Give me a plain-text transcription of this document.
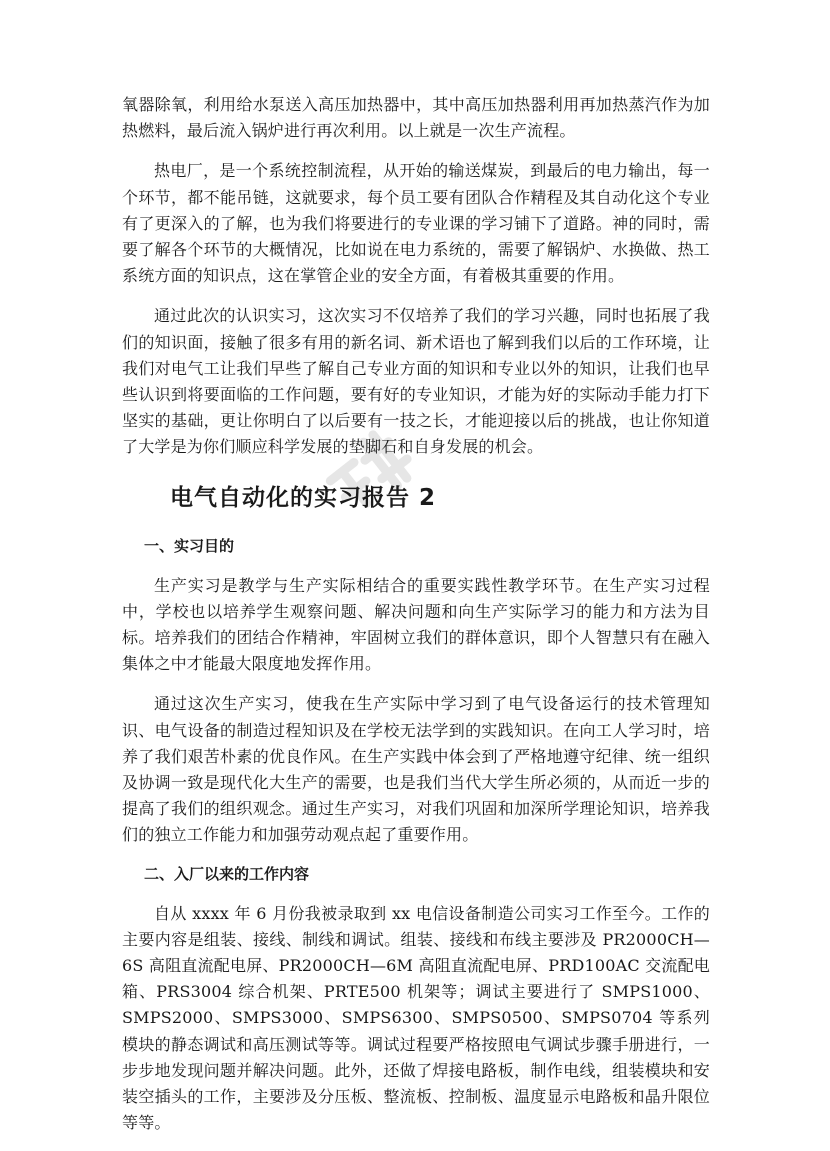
氧器除氧，利用给水泵送入高压加热器中，其中高压加热器利用再加热蒸汽作为加热燃料，最后流入锅炉进行再次利用。以上就是一次生产流程。

热电厂，是一个系统控制流程，从开始的输送煤炭，到最后的电力输出，每一个环节，都不能吊链，这就要求，每个员工要有团队合作精程及其自动化这个专业有了更深入的了解，也为我们将要进行的专业课的学习铺下了道路。神的同时，需要了解各个环节的大概情况，比如说在电力系统的，需要了解锅炉、水换做、热工系统方面的知识点，这在掌管企业的安全方面，有着极其重要的作用。

通过此次的认识实习，这次实习不仅培养了我们的学习兴趣，同时也拓展了我们的知识面，接触了很多有用的新名词、新术语也了解到我们以后的工作环境，让我们对电气工让我们早些了解自己专业方面的知识和专业以外的知识，让我们也早些认识到将要面临的工作问题，要有好的专业知识，才能为好的实际动手能力打下坚实的基础，更让你明白了以后要有一技之长，才能迎接以后的挑战，也让你知道了大学是为你们顺应科学发展的垫脚石和自身发展的机会。

电气自动化的实习报告 2
一、实习目的

生产实习是教学与生产实际相结合的重要实践性教学环节。在生产实习过程中，学校也以培养学生观察问题、解决问题和向生产实际学习的能力和方法为目标。培养我们的团结合作精神，牢固树立我们的群体意识，即个人智慧只有在融入集体之中才能最大限度地发挥作用。

通过这次生产实习，使我在生产实际中学习到了电气设备运行的技术管理知识、电气设备的制造过程知识及在学校无法学到的实践知识。在向工人学习时，培养了我们艰苦朴素的优良作风。在生产实践中体会到了严格地遵守纪律、统一组织及协调一致是现代化大生产的需要，也是我们当代大学生所必须的，从而近一步的提高了我们的组织观念。通过生产实习，对我们巩固和加深所学理论知识，培养我们的独立工作能力和加强劳动观点起了重要作用。

二、入厂以来的工作内容

自从 xxxx 年 6 月份我被录取到 xx 电信设备制造公司实习工作至今。工作的主要内容是组装、接线、制线和调试。组装、接线和布线主要涉及 PR2000CH—6S 高阻直流配电屏、PR2000CH—6M 高阻直流配电屏、PRD100AC 交流配电箱、PRS3004 综合机架、PRTE500 机架等；调试主要进行了 SMPS1000、SMPS2000、SMPS3000、SMPS6300、SMPS0500、SMPS0704 等系列模块的静态调试和高压测试等等。调试过程要严格按照电气调试步骤手册进行，一步步地发现问题并解决问题。此外，还做了焊接电路板，制作电线，组装模块和安装空插头的工作，主要涉及分压板、整流板、控制板、温度显示电路板和晶升限位等等。
